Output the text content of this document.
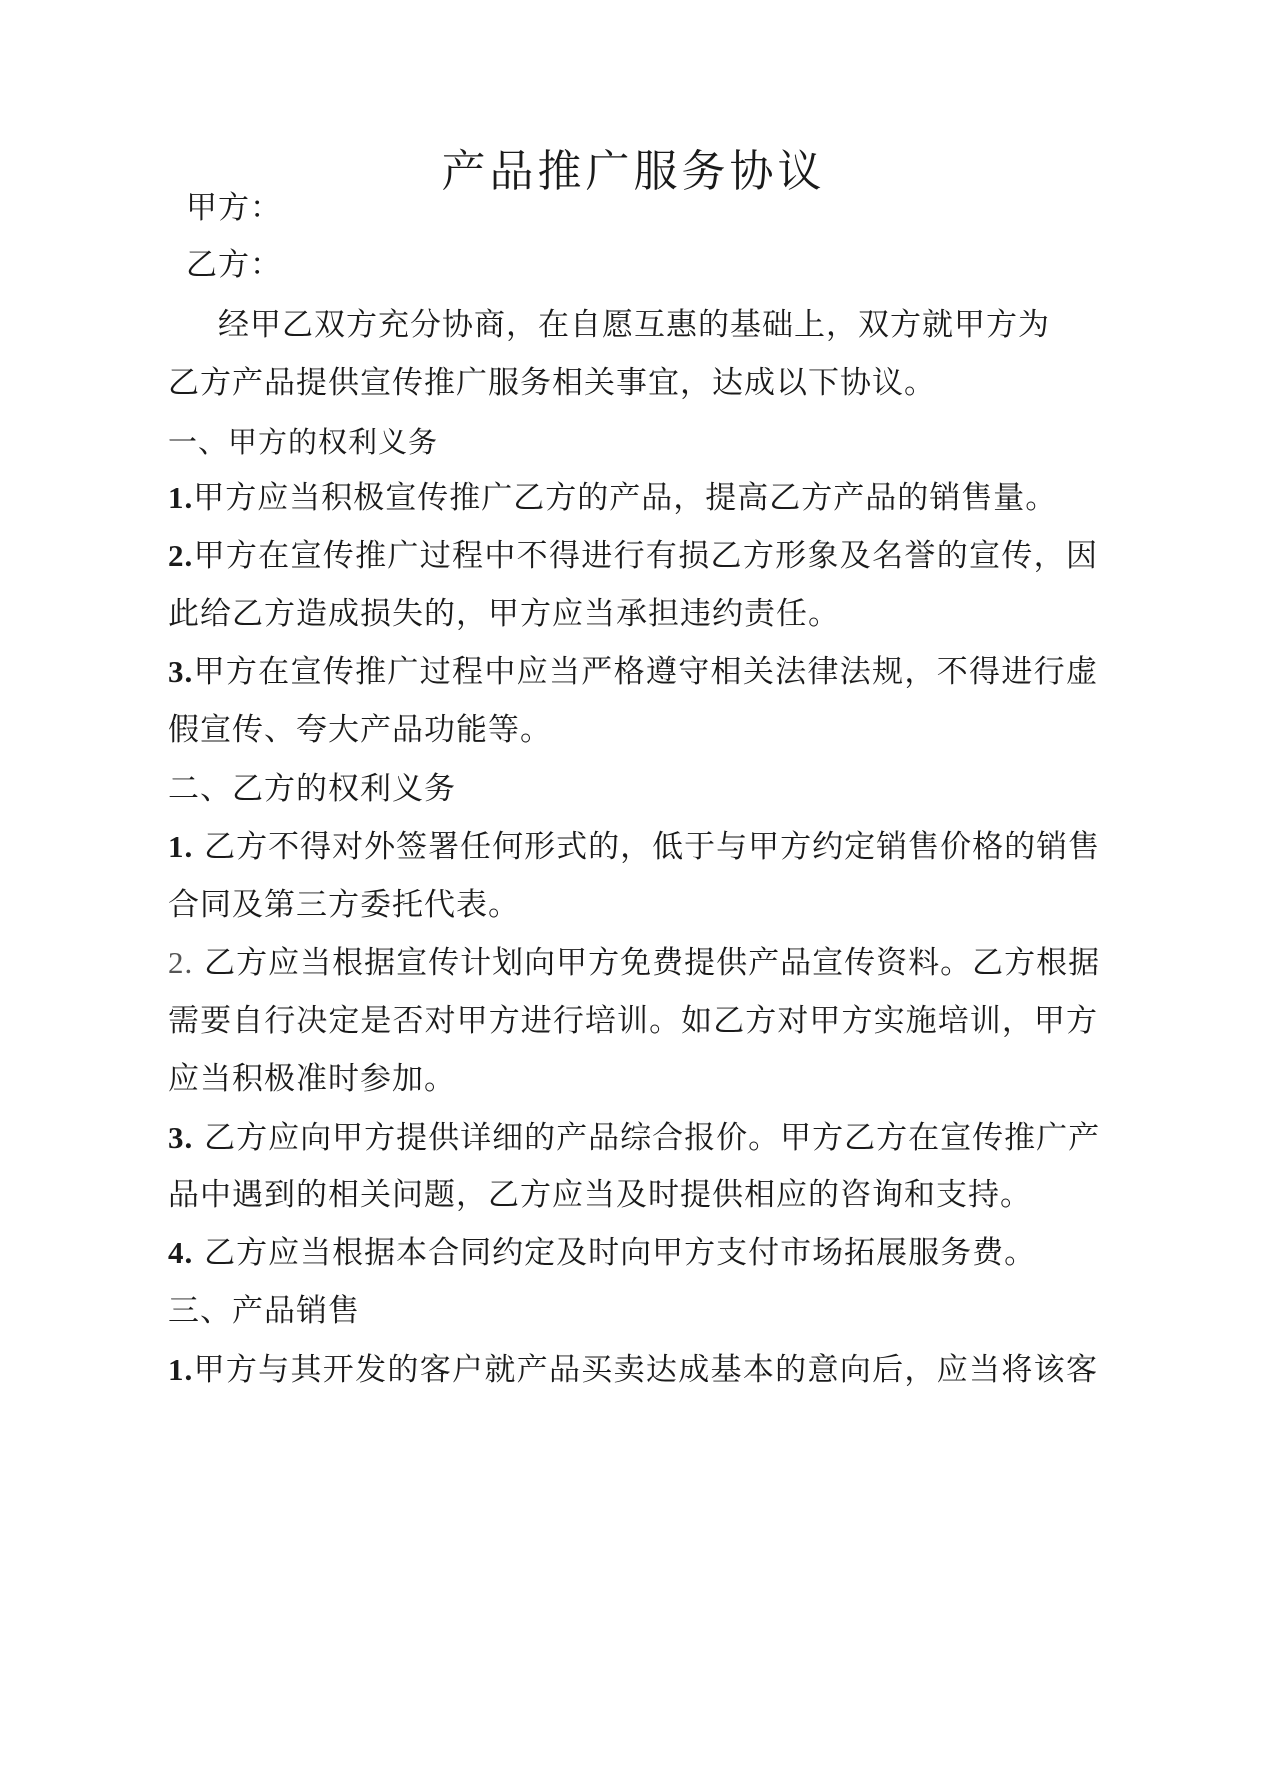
产品推广服务协议

甲方：

乙方：

经甲乙双方充分协商，在自愿互惠的基础上，双方就甲方为

乙方产品提供宣传推广服务相关事宜，达成以下协议。

一、甲方的权利义务

1.甲方应当积极宣传推广乙方的产品，提高乙方产品的销售量。

2.甲方在宣传推广过程中不得进行有损乙方形象及名誉的宣传，因

此给乙方造成损失的，甲方应当承担违约责任。

3.甲方在宣传推广过程中应当严格遵守相关法律法规，不得进行虚

假宣传、夸大产品功能等。

二、乙方的权利义务

1. 乙方不得对外签署任何形式的，低于与甲方约定销售价格的销售

合同及第三方委托代表。

2. 乙方应当根据宣传计划向甲方免费提供产品宣传资料。乙方根据

需要自行决定是否对甲方进行培训。如乙方对甲方实施培训，甲方

应当积极准时参加。

3. 乙方应向甲方提供详细的产品综合报价。甲方乙方在宣传推广产

品中遇到的相关问题，乙方应当及时提供相应的咨询和支持。

4. 乙方应当根据本合同约定及时向甲方支付市场拓展服务费。

三、产品销售

1.甲方与其开发的客户就产品买卖达成基本的意向后，应当将该客
